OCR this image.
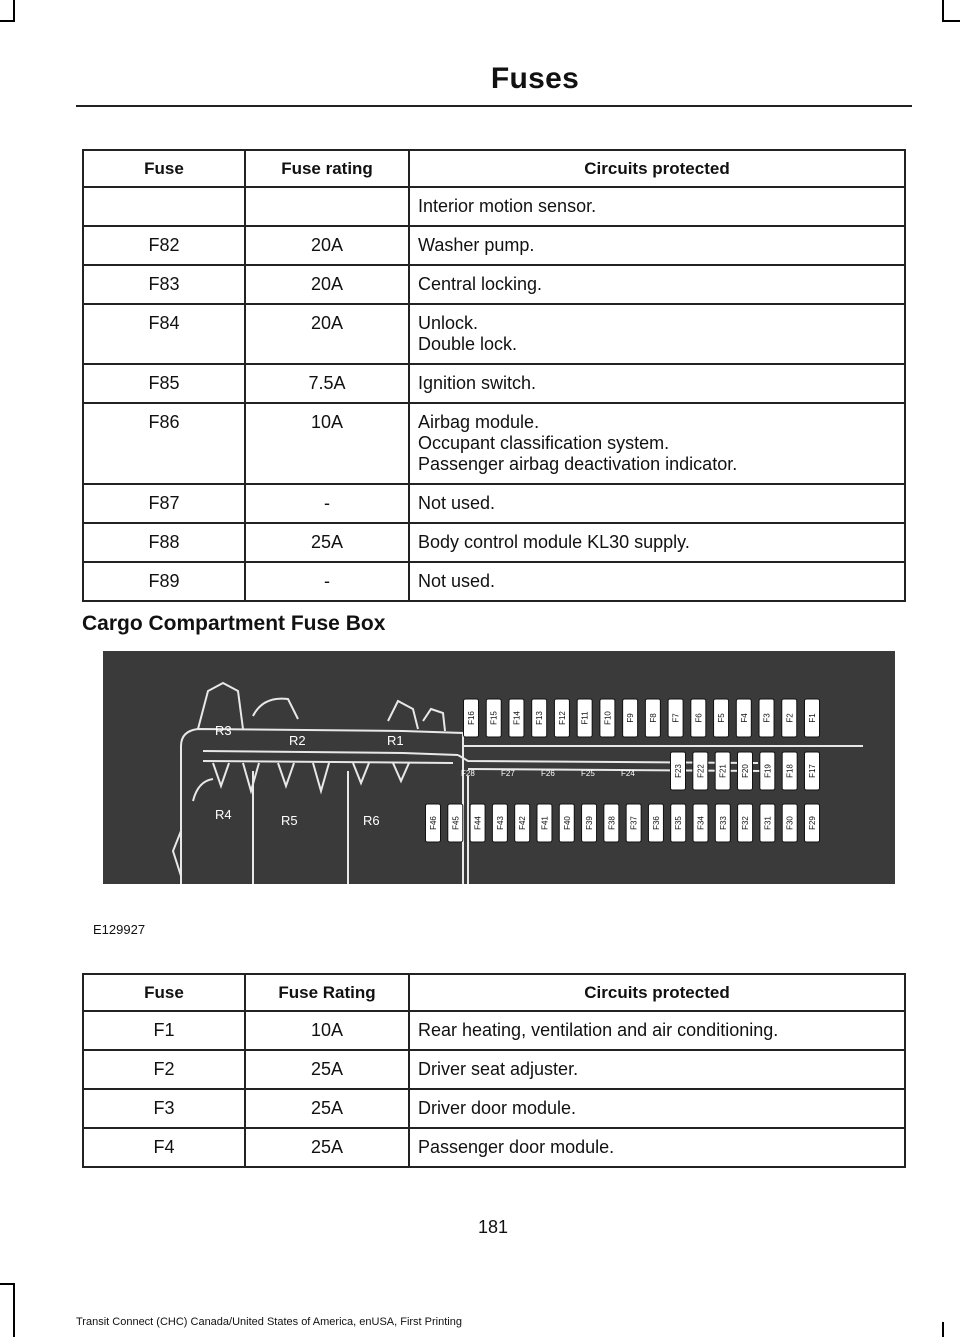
Fuses
Fuse	Fuse rating	Circuits protected

		Interior motion sensor.

F82	20A	Washer pump.

F83	20A	Central locking.

F84	20A	Unlock.
Double lock.

F85	7.5A	Ignition switch.

F86	10A	Airbag module.
Occupant classification system.
Passenger airbag deactivation indicator.

F87	-	Not used.

F88	25A	Body control module KL30 supply.

F89	-	Not used.
Cargo Compartment Fuse Box
R3
R2	R1
R4	R5	R6
F16 F15 F14 F13 F12 F11 F10 F9 F8 F7 F6 F5 F4 F3 F2 F1
F28	F27	F26	F25	F24	F23 F22 F21 F20 F19 F18 F17
F46 F45 F44 F43 F42 F41 F40 F39 F38 F37 F36 F35 F34 F33 F32 F31 F30 F29
E129927
Fuse	Fuse Rating	Circuits protected
F1	10A	Rear heating, ventilation and air conditioning.

F2	25A	Driver seat adjuster.

F3	25A	Driver door module.

F4	25A	Passenger door module.
181
Transit Connect (CHC) Canada/United States of America, enUSA, First Printing
